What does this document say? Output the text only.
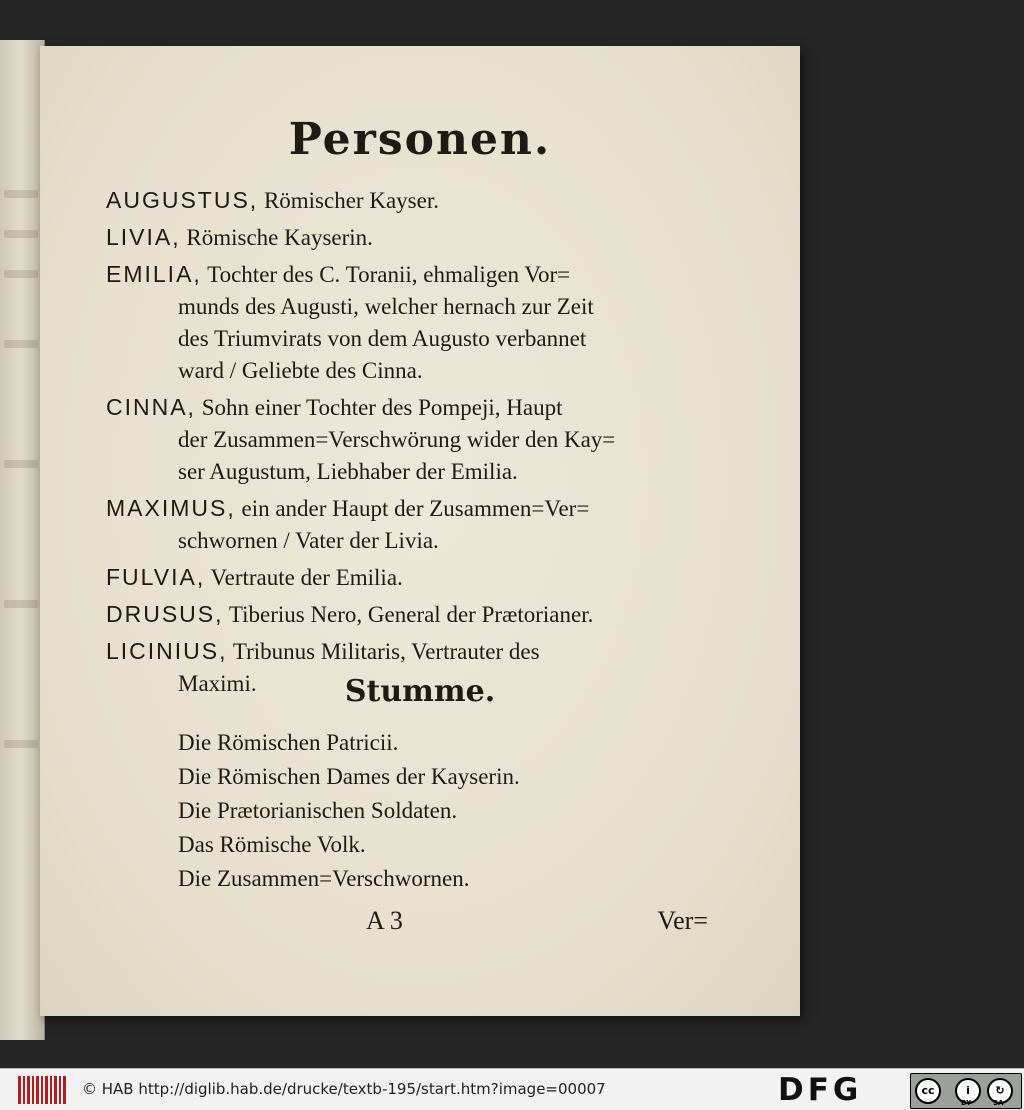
Personen.
AUGUSTUS, Römischer Kayser.
LIVIA, Römische Kayserin.
EMILIA, Tochter des C. Toranii, ehmaligen Vor=
munds des Augusti, welcher hernach zur Zeit
des Triumvirats von dem Augusto verbannet
ward / Geliebte des Cinna.
CINNA, Sohn einer Tochter des Pompeji, Haupt
der Zusammen=Verschwörung wider den Kay=
ser Augustum, Liebhaber der Emilia.
MAXIMUS, ein ander Haupt der Zusammen=Ver=
schwornen / Vater der Livia.
FULVIA, Vertraute der Emilia.
DRUSUS, Tiberius Nero, General der Prætorianer.
LICINIUS, Tribunus Militaris, Vertrauter des
Maximi.	Stumme.
Die Römischen Patricii.
Die Römischen Dames der Kayserin.
Die Prætorianischen Soldaten.
Das Römische Volk.
Die Zusammen=Verschwornen.
A 3	Ver=
© HAB http://diglib.hab.de/drucke/textb-195/start.htm?image=00007	DFG	cc	i	↻
BY	SA
